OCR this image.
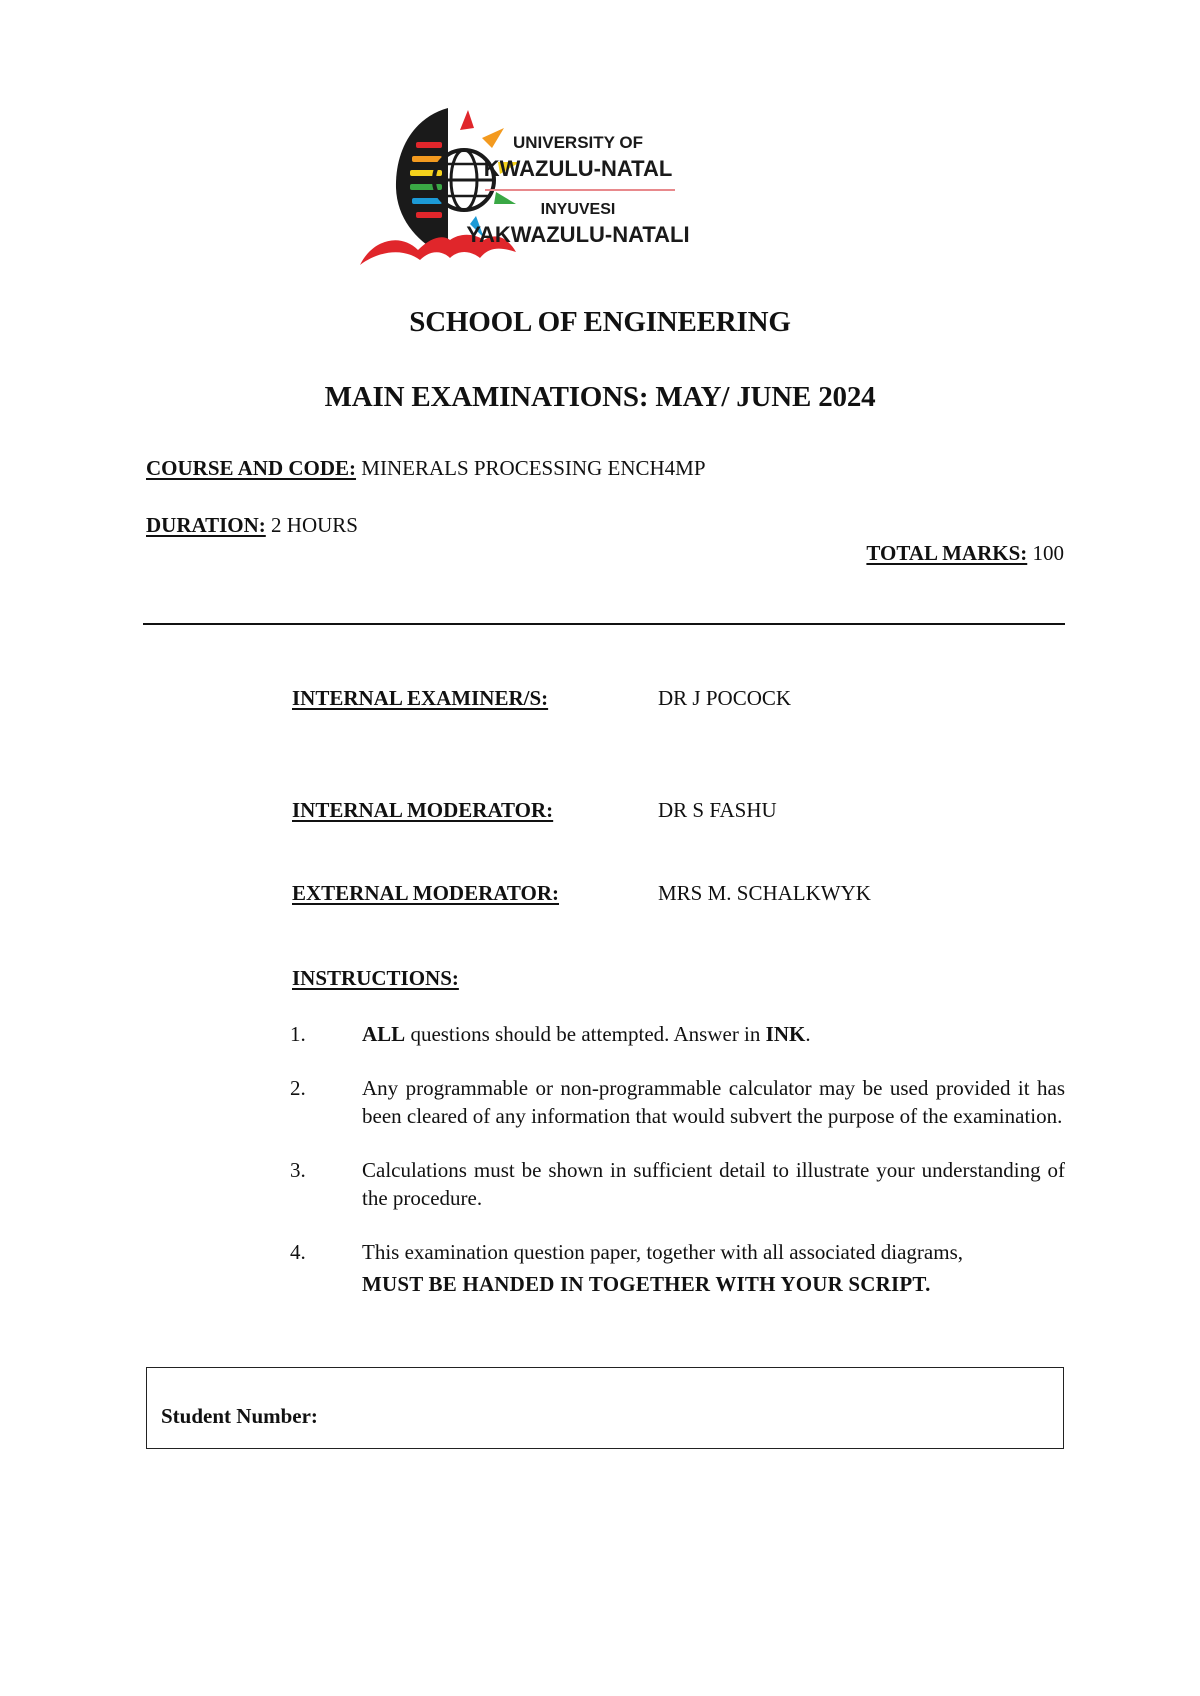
UNIVERSITY OF
KWAZULU-NATAL
INYUVESI
YAKWAZULU-NATALI
SCHOOL OF ENGINEERING
MAIN EXAMINATIONS: MAY/ JUNE 2024
COURSE AND CODE: MINERALS PROCESSING ENCH4MP
DURATION: 2 HOURS
TOTAL MARKS: 100
INTERNAL EXAMINER/S:	DR J POCOCK
INTERNAL MODERATOR:	DR S FASHU
EXTERNAL MODERATOR:	MRS M. SCHALKWYK
INSTRUCTIONS:
1.	ALL questions should be attempted. Answer in INK.
2.	Any programmable or non-programmable calculator may be used provided it has been cleared of any information that would subvert the purpose of the examination.
3.	Calculations must be shown in sufficient detail to illustrate your understanding of the procedure.
4.	This examination question paper, together with all associated diagrams,
MUST BE HANDED IN TOGETHER WITH YOUR SCRIPT.
Student Number:
